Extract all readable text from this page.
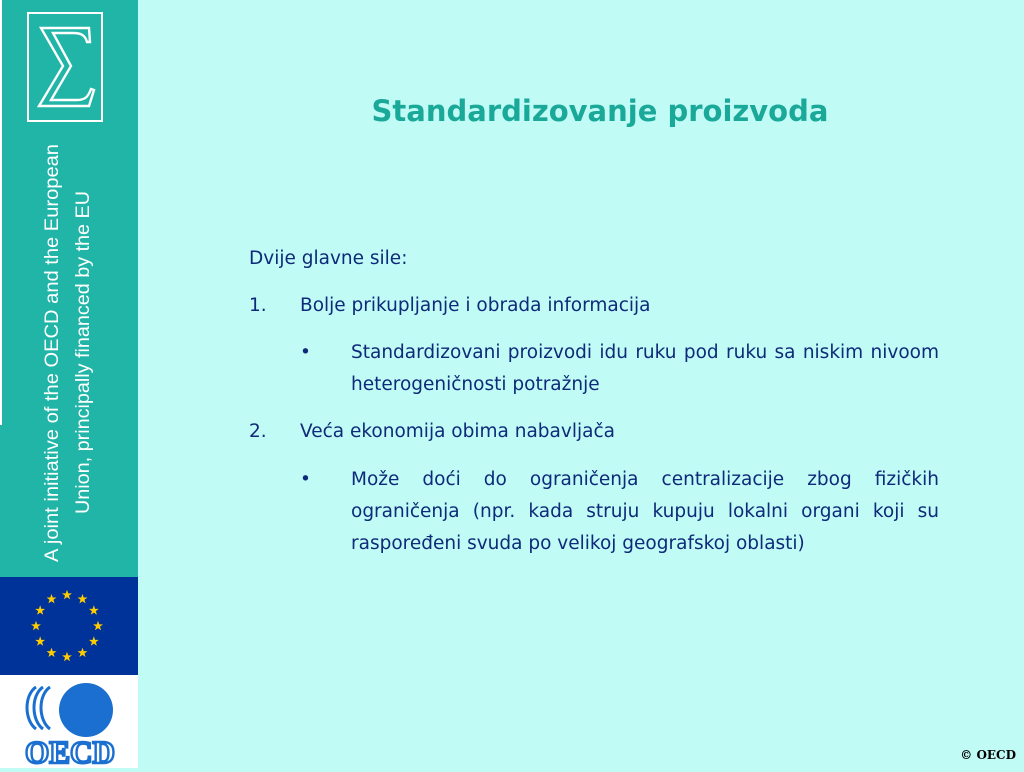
A joint initiative of the OECD and the European Union, principally financed by the EU
OECD
Standardizovanje proizvoda
Dvije glavne sile:
1. Bolje prikupljanje i obrada informacija
• Standardizovani proizvodi idu ruku pod ruku sa niskim nivoom heterogeničnosti potražnje
2. Veća ekonomija obima nabavljača
• Može doći do ograničenja centralizacije zbog fizičkih ograničenja (npr. kada struju kupuju lokalni organi koji su raspoređeni svuda po velikoj geografskoj oblasti)
© OECD
